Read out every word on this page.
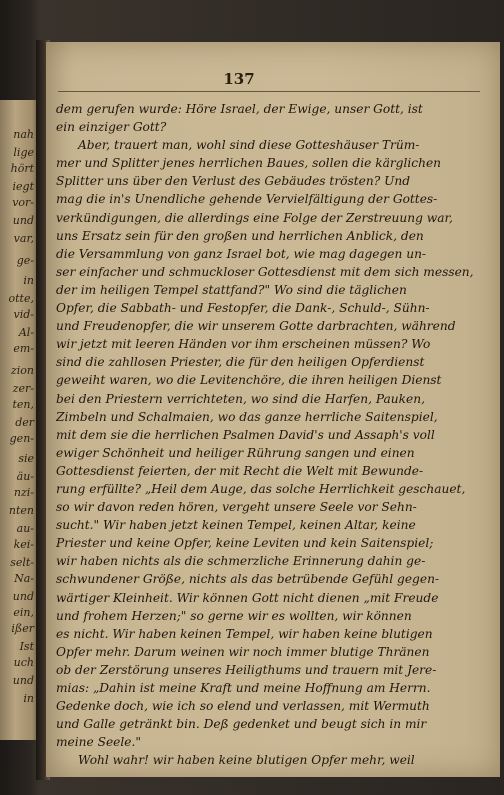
nah
lige
hört
iegt
vor-
und
var,
ge-
in
otte,
vid-
Al-
em-
zion
zer-
ten,
der
gen-
sie
äu-
nzi-
nten
au-
kei-
selt-
Na-
und
ein,
ißer
Ist
uch
und
in
137
dem gerufen wurde: Höre Israel, der Ewige, unser Gott, ist
ein einziger Gott?
Aber, trauert man, wohl sind diese Gotteshäuser Trüm-
mer und Splitter jenes herrlichen Baues, sollen die kärglichen
Splitter uns über den Verlust des Gebäudes trösten? Und
mag die in's Unendliche gehende Vervielfältigung der Gottes-
verkündigungen, die allerdings eine Folge der Zerstreuung war,
uns Ersatz sein für den großen und herrlichen Anblick, den
die Versammlung von ganz Israel bot, wie mag dagegen un-
ser einfacher und schmuckloser Gottesdienst mit dem sich messen,
der im heiligen Tempel stattfand?" Wo sind die täglichen
Opfer, die Sabbath- und Festopfer, die Dank-, Schuld-, Sühn-
und Freudenopfer, die wir unserem Gotte darbrachten, während
wir jetzt mit leeren Händen vor ihm erscheinen müssen? Wo
sind die zahllosen Priester, die für den heiligen Opferdienst
geweiht waren, wo die Levitenchöre, die ihren heiligen Dienst
bei den Priestern verrichteten, wo sind die Harfen, Pauken,
Zimbeln und Schalmaien, wo das ganze herrliche Saitenspiel,
mit dem sie die herrlichen Psalmen David's und Assaph's voll
ewiger Schönheit und heiliger Rührung sangen und einen
Gottesdienst feierten, der mit Recht die Welt mit Bewunde-
rung erfüllte? „Heil dem Auge, das solche Herrlichkeit geschauet,
so wir davon reden hören, vergeht unsere Seele vor Sehn-
sucht." Wir haben jetzt keinen Tempel, keinen Altar, keine
Priester und keine Opfer, keine Leviten und kein Saitenspiel;
wir haben nichts als die schmerzliche Erinnerung dahin ge-
schwundener Größe, nichts als das betrübende Gefühl gegen-
wärtiger Kleinheit. Wir können Gott nicht dienen „mit Freude
und frohem Herzen;" so gerne wir es wollten, wir können
es nicht. Wir haben keinen Tempel, wir haben keine blutigen
Opfer mehr. Darum weinen wir noch immer blutige Thränen
ob der Zerstörung unseres Heiligthums und trauern mit Jere-
mias: „Dahin ist meine Kraft und meine Hoffnung am Herrn.
Gedenke doch, wie ich so elend und verlassen, mit Wermuth
und Galle getränkt bin. Deß gedenket und beugt sich in mir
meine Seele."
Wohl wahr! wir haben keine blutigen Opfer mehr, weil
